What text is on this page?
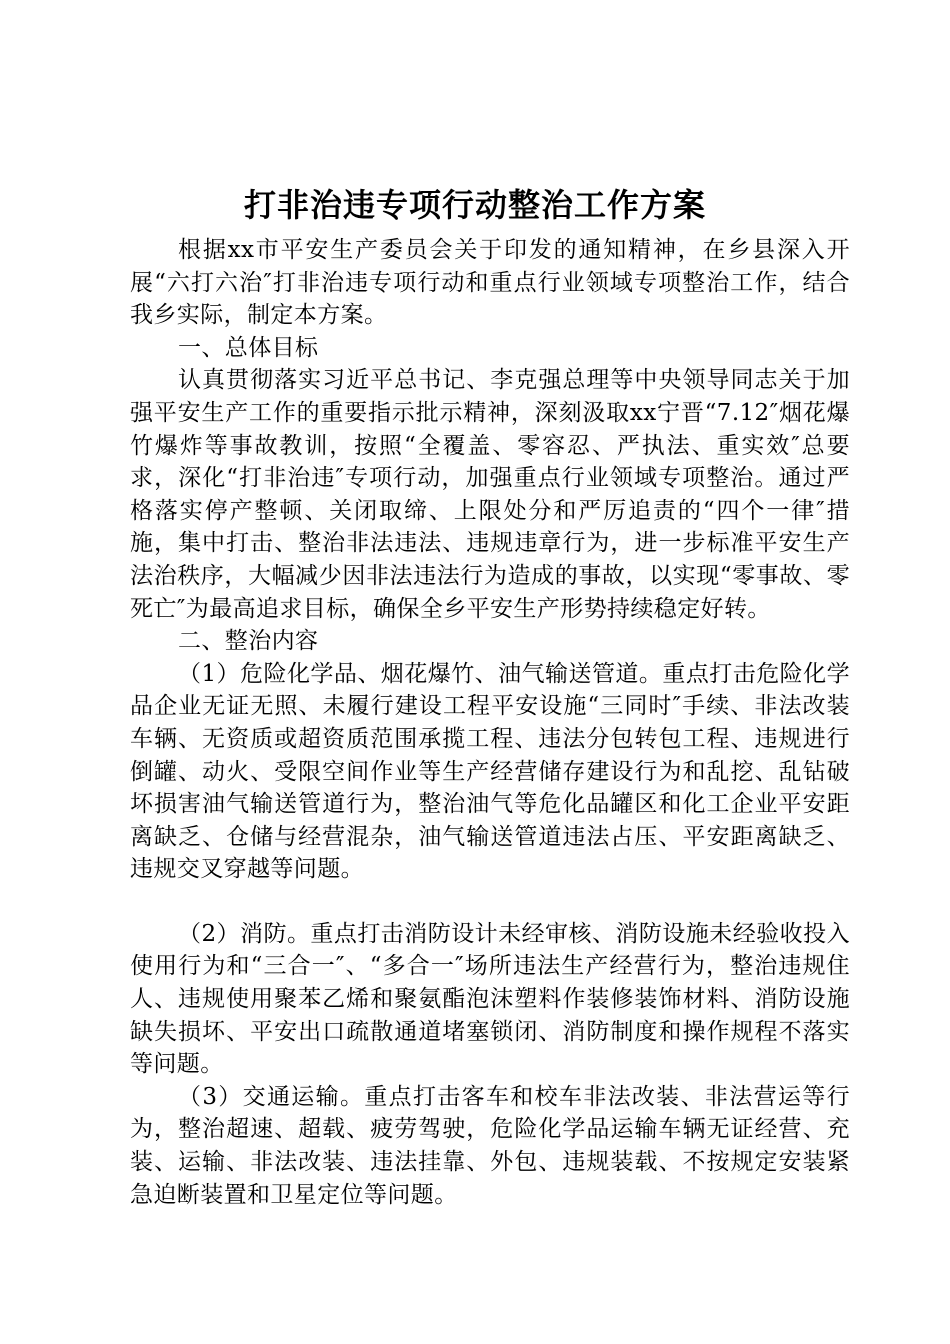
打非治违专项行动整治工作方案

根据xx市平安生产委员会关于印发的通知精神，在乡县深入开展“六打六治″打非治违专项行动和重点行业领域专项整治工作，结合我乡实际，制定本方案。

一、总体目标

认真贯彻落实习近平总书记、李克强总理等中央领导同志关于加强平安生产工作的重要指示批示精神，深刻汲取xx宁晋“7.12″烟花爆竹爆炸等事故教训，按照“全覆盖、零容忍、严执法、重实效″总要求，深化“打非治违″专项行动，加强重点行业领域专项整治。通过严格落实停产整顿、关闭取缔、上限处分和严厉追责的“四个一律″措施，集中打击、整治非法违法、违规违章行为，进一步标准平安生产法治秩序，大幅减少因非法违法行为造成的事故，以实现“零事故、零死亡″为最高追求目标，确保全乡平安生产形势持续稳定好转。

二、整治内容

（1）危险化学品、烟花爆竹、油气输送管道。重点打击危险化学品企业无证无照、未履行建设工程平安设施“三同时″手续、非法改装车辆、无资质或超资质范围承揽工程、违法分包转包工程、违规进行倒罐、动火、受限空间作业等生产经营储存建设行为和乱挖、乱钻破坏损害油气输送管道行为，整治油气等危化品罐区和化工企业平安距离缺乏、仓储与经营混杂，油气输送管道违法占压、平安距离缺乏、违规交叉穿越等问题。

（2）消防。重点打击消防设计未经审核、消防设施未经验收投入使用行为和“三合一″、“多合一″场所违法生产经营行为，整治违规住人、违规使用聚苯乙烯和聚氨酯泡沫塑料作装修装饰材料、消防设施缺失损坏、平安出口疏散通道堵塞锁闭、消防制度和操作规程不落实等问题。

（3）交通运输。重点打击客车和校车非法改装、非法营运等行为，整治超速、超载、疲劳驾驶，危险化学品运输车辆无证经营、充装、运输、非法改装、违法挂靠、外包、违规装载、不按规定安装紧急迫断装置和卫星定位等问题。
